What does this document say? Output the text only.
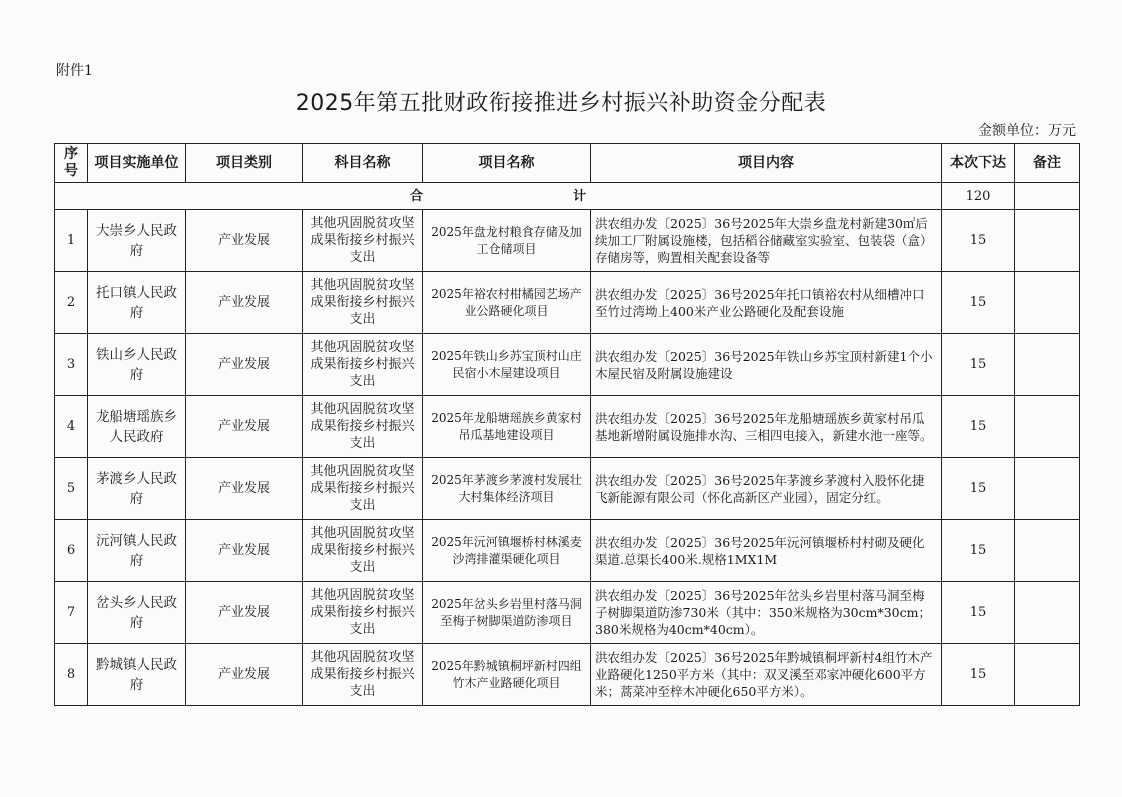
附件1
2025年第五批财政衔接推进乡村振兴补助资金分配表
金额单位：万元
序号	项目实施单位	项目类别	科目名称	项目名称	项目内容	本次下达	备注
合计						120	
1	大崇乡人民政府	产业发展	其他巩固脱贫攻坚成果衔接乡村振兴支出	2025年盘龙村粮食存储及加工仓储项目	洪农组办发〔2025〕36号2025年大崇乡盘龙村新建30㎡后续加工厂附属设施楼，包括稻谷储藏室实验室、包装袋（盒）存储房等，购置相关配套设备等	15	
2	托口镇人民政府	产业发展	其他巩固脱贫攻坚成果衔接乡村振兴支出	2025年裕农村柑橘园艺场产业公路硬化项目	洪农组办发〔2025〕36号2025年托口镇裕农村从细槽冲口至竹过湾坳上400米产业公路硬化及配套设施	15	
3	铁山乡人民政府	产业发展	其他巩固脱贫攻坚成果衔接乡村振兴支出	2025年铁山乡苏宝顶村山庄民宿小木屋建设项目	洪农组办发〔2025〕36号2025年铁山乡苏宝顶村新建1个小木屋民宿及附属设施建设	15	
4	龙船塘瑶族乡人民政府	产业发展	其他巩固脱贫攻坚成果衔接乡村振兴支出	2025年龙船塘瑶族乡黄家村吊瓜基地建设项目	洪农组办发〔2025〕36号2025年龙船塘瑶族乡黄家村吊瓜基地新增附属设施排水沟、三相四电接入，新建水池一座等。	15	
5	茅渡乡人民政府	产业发展	其他巩固脱贫攻坚成果衔接乡村振兴支出	2025年茅渡乡茅渡村发展壮大村集体经济项目	洪农组办发〔2025〕36号2025年茅渡乡茅渡村入股怀化捷飞新能源有限公司（怀化高新区产业园），固定分红。	15	
6	沅河镇人民政府	产业发展	其他巩固脱贫攻坚成果衔接乡村振兴支出	2025年沅河镇堰桥村林溪麦沙湾排灌渠硬化项目	洪农组办发〔2025〕36号2025年沅河镇堰桥村村砌及硬化渠道.总渠长400米.规格1MX1M	15	
7	岔头乡人民政府	产业发展	其他巩固脱贫攻坚成果衔接乡村振兴支出	2025年岔头乡岩里村落马洞至梅子树脚渠道防渗项目	洪农组办发〔2025〕36号2025年岔头乡岩里村落马洞至梅子树脚渠道防渗730米（其中：350米规格为30cm*30cm；380米规格为40cm*40cm）。	15	
8	黔城镇人民政府	产业发展	其他巩固脱贫攻坚成果衔接乡村振兴支出	2025年黔城镇桐坪新村四组竹木产业路硬化项目	洪农组办发〔2025〕36号2025年黔城镇桐坪新村4组竹木产业路硬化1250平方米（其中：双叉溪至邓家冲硬化600平方米；蒿菜冲至梓木冲硬化650平方米）。	15	
